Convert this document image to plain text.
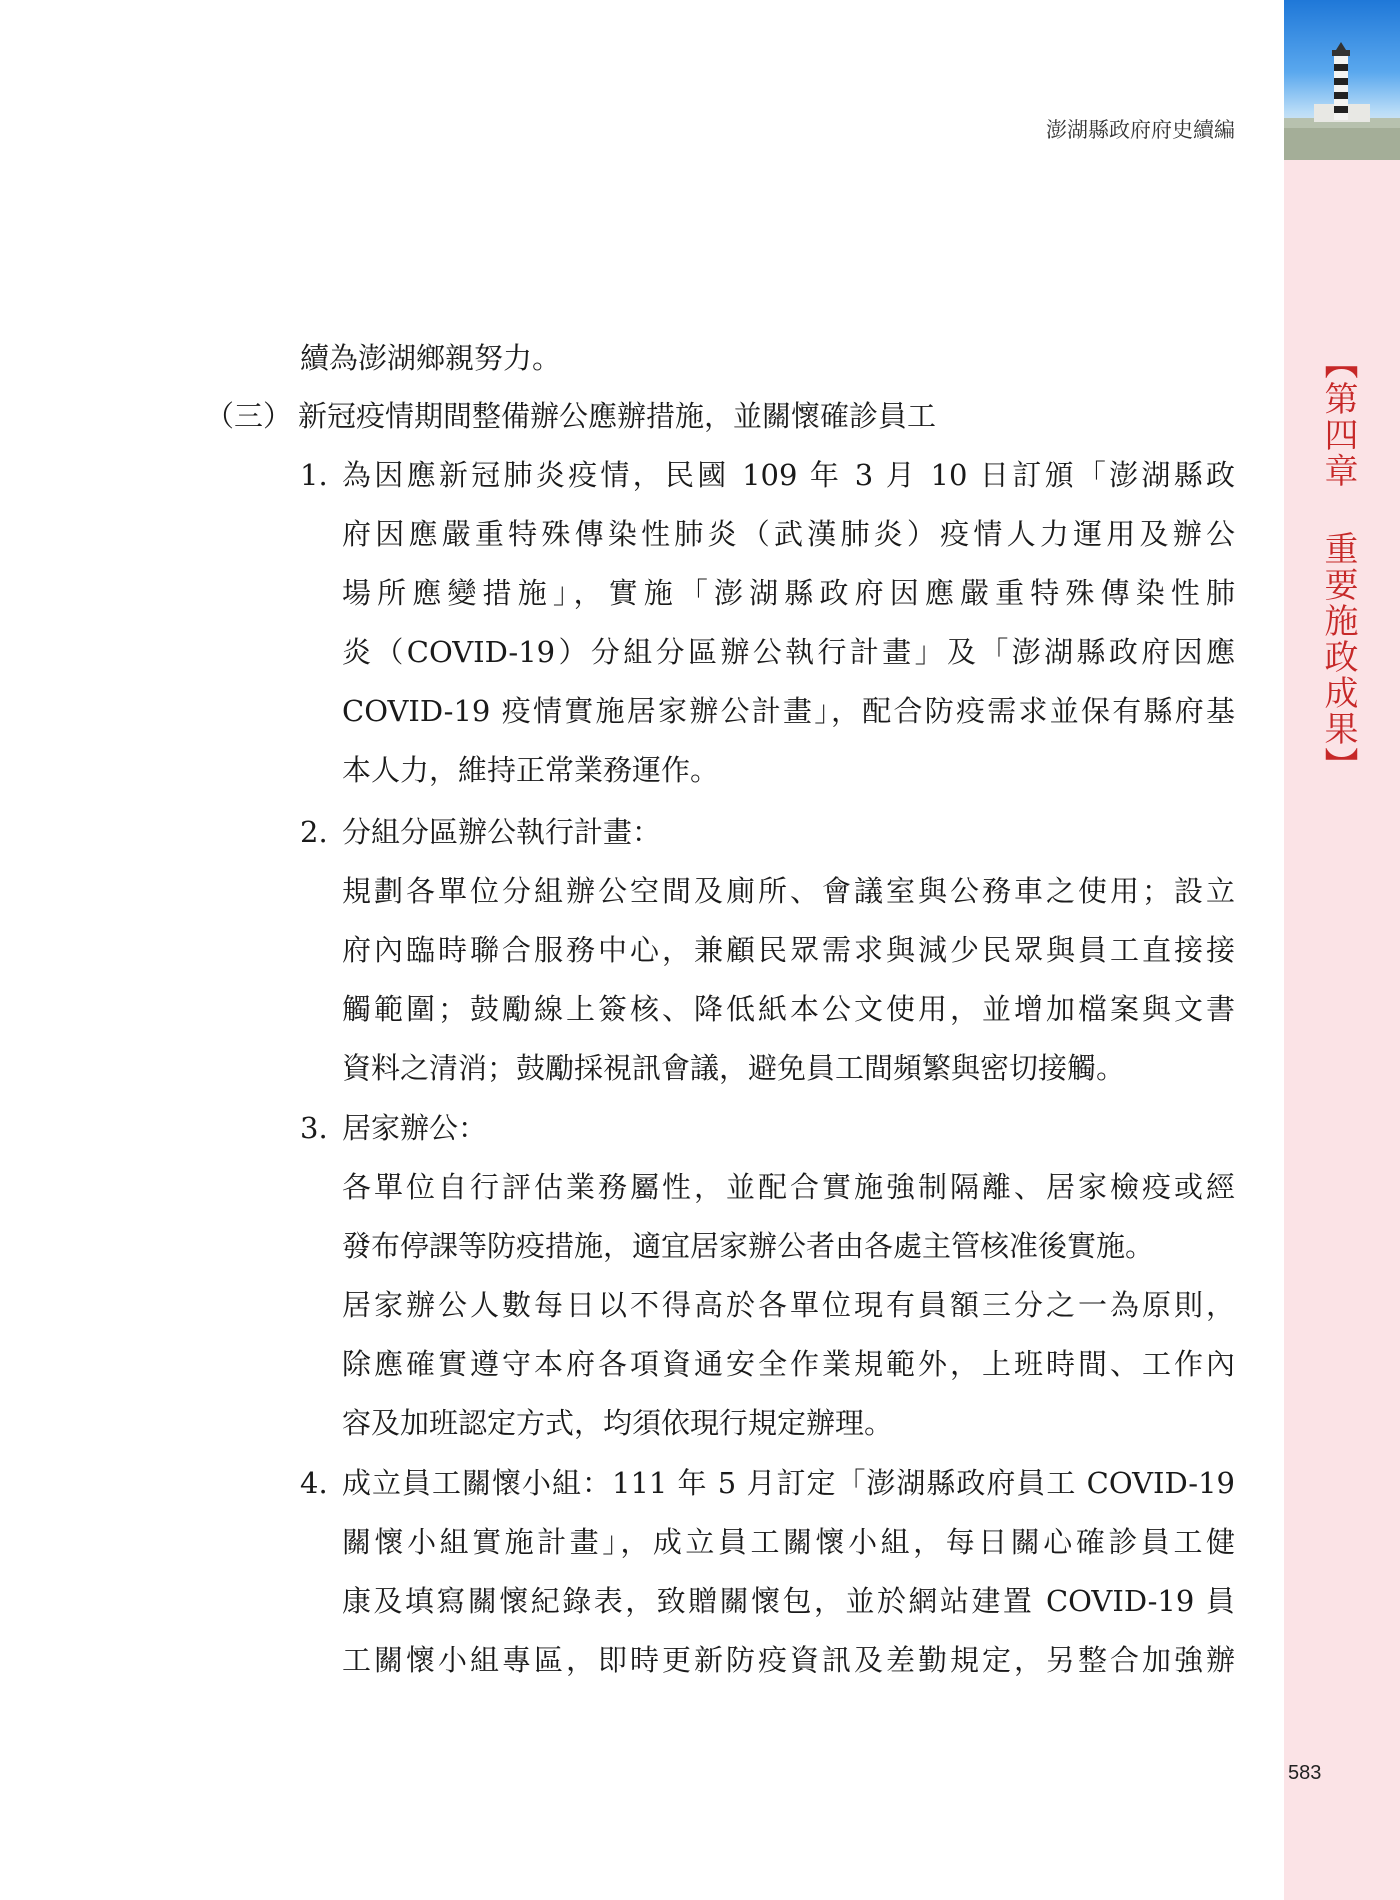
【第四章 重要施政成果】
澎湖縣政府府史續編
續為澎湖鄉親努力。
（三） 新冠疫情期間整備辦公應辦措施，並關懷確診員工
1. 為因應新冠肺炎疫情，民國 109 年 3 月 10 日訂頒「澎湖縣政
府因應嚴重特殊傳染性肺炎（武漢肺炎）疫情人力運用及辦公
場所應變措施」，實施「澎湖縣政府因應嚴重特殊傳染性肺
炎（COVID-19）分組分區辦公執行計畫」及「澎湖縣政府因應
COVID-19 疫情實施居家辦公計畫」，配合防疫需求並保有縣府基
本人力，維持正常業務運作。
2. 分組分區辦公執行計畫：
規劃各單位分組辦公空間及廁所、會議室與公務車之使用；設立
府內臨時聯合服務中心，兼顧民眾需求與減少民眾與員工直接接
觸範圍；鼓勵線上簽核、降低紙本公文使用，並增加檔案與文書
資料之清消；鼓勵採視訊會議，避免員工間頻繁與密切接觸。
3. 居家辦公：
各單位自行評估業務屬性，並配合實施強制隔離、居家檢疫或經
發布停課等防疫措施，適宜居家辦公者由各處主管核准後實施。
居家辦公人數每日以不得高於各單位現有員額三分之一為原則，
除應確實遵守本府各項資通安全作業規範外，上班時間、工作內
容及加班認定方式，均須依現行規定辦理。
4. 成立員工關懷小組：111 年 5 月訂定「澎湖縣政府員工 COVID-19
關懷小組實施計畫」，成立員工關懷小組，每日關心確診員工健
康及填寫關懷紀錄表，致贈關懷包，並於網站建置 COVID-19 員
工關懷小組專區，即時更新防疫資訊及差勤規定，另整合加強辦
583
